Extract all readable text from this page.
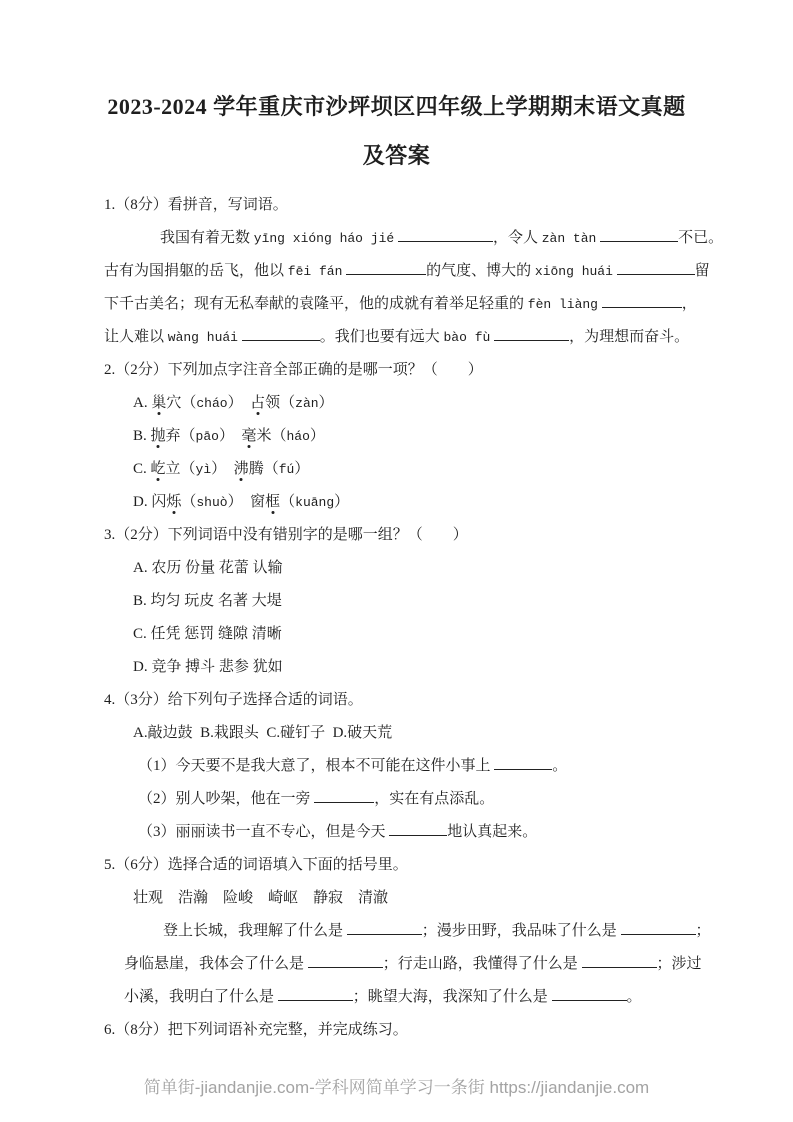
2023-2024 学年重庆市沙坪坝区四年级上学期期末语文真题
及答案
1.（8分）看拼音，写词语。
我国有着无数 yīng xióng háo jié	，令人 zàn tàn	不已。
古有为国捐躯的岳飞，他以 fēi fán	的气度、博大的 xiōng huái	留
下千古美名；现有无私奉献的袁隆平，他的成就有着举足轻重的 fèn liàng	，
让人难以 wàng huái	。我们也要有远大 bào fù	，为理想而奋斗。
2.（2分）下列加点字注音全部正确的是哪一项？（　　）
A. 巢穴（cháo）　占领（zàn）
B. 抛弃（pāo）　毫米（háo）
C. 屹立（yì）　沸腾（fú）
D. 闪烁（shuò）　窗框（kuāng）
3.（2分）下列词语中没有错别字的是哪一组？（　　）
A. 农历 份量 花蕾 认输
B. 均匀 玩皮 名著 大堤
C. 任凭 惩罚 缝隙 清晰
D. 竞争 搏斗 悲参 犹如
4.（3分）给下列句子选择合适的词语。
A.敲边鼓  B.栽跟头  C.碰钉子  D.破天荒
（1）今天要不是我大意了，根本不可能在这件小事上	。
（2）别人吵架，他在一旁	，实在有点添乱。
（3）丽丽读书一直不专心，但是今天	地认真起来。
5.（6分）选择合适的词语填入下面的括号里。
壮观　浩瀚　险峻　崎岖　静寂　清澈
登上长城，我理解了什么是	；漫步田野，我品味了什么是	；
身临悬崖，我体会了什么是	；行走山路，我懂得了什么是	；涉过
小溪，我明白了什么是	；眺望大海，我深知了什么是	。
6.（8分）把下列词语补充完整，并完成练习。
简单街-jiandanjie.com-学科网简单学习一条街 https://jiandanjie.com
